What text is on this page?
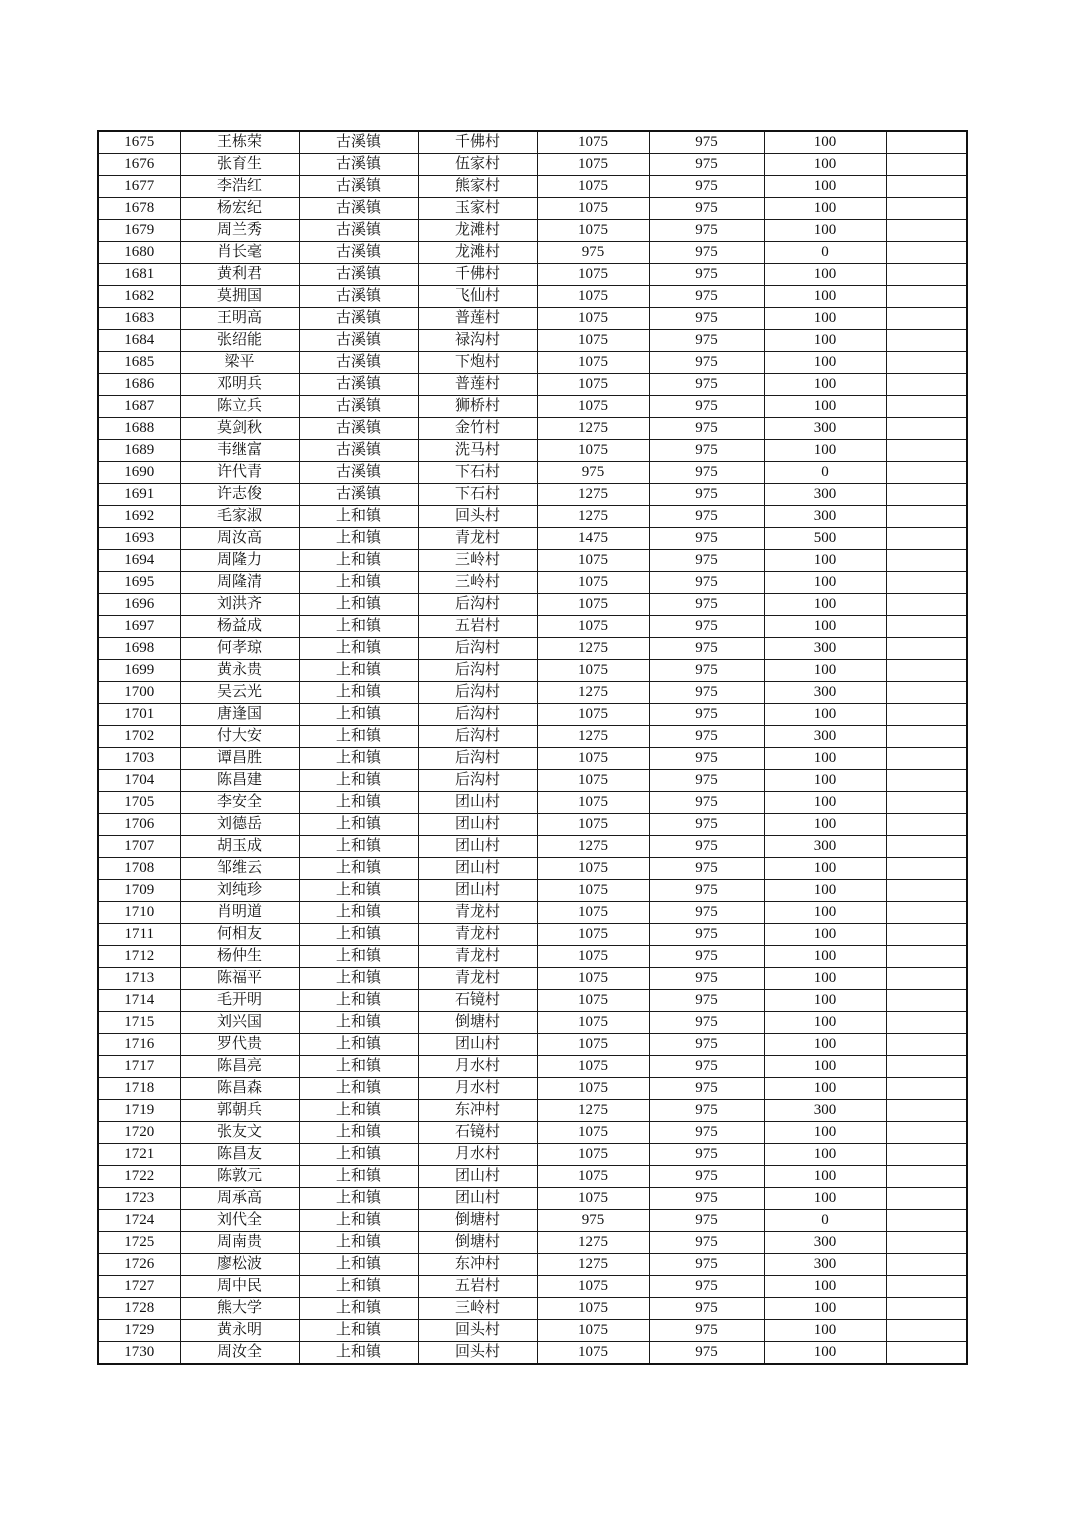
1675	王栋荣	古溪镇	千佛村	1075	975	100	
1676	张育生	古溪镇	伍家村	1075	975	100	
1677	李浩红	古溪镇	熊家村	1075	975	100	
1678	杨宏纪	古溪镇	玉家村	1075	975	100	
1679	周兰秀	古溪镇	龙滩村	1075	975	100	
1680	肖长毫	古溪镇	龙滩村	975	975	0	
1681	黄利君	古溪镇	千佛村	1075	975	100	
1682	莫拥国	古溪镇	飞仙村	1075	975	100	
1683	王明高	古溪镇	普莲村	1075	975	100	
1684	张绍能	古溪镇	禄沟村	1075	975	100	
1685	梁平	古溪镇	下炮村	1075	975	100	
1686	邓明兵	古溪镇	普莲村	1075	975	100	
1687	陈立兵	古溪镇	狮桥村	1075	975	100	
1688	莫剑秋	古溪镇	金竹村	1275	975	300	
1689	韦继富	古溪镇	洗马村	1075	975	100	
1690	许代青	古溪镇	下石村	975	975	0	
1691	许志俊	古溪镇	下石村	1275	975	300	
1692	毛家淑	上和镇	回头村	1275	975	300	
1693	周汝高	上和镇	青龙村	1475	975	500	
1694	周隆力	上和镇	三岭村	1075	975	100	
1695	周隆清	上和镇	三岭村	1075	975	100	
1696	刘洪齐	上和镇	后沟村	1075	975	100	
1697	杨益成	上和镇	五岩村	1075	975	100	
1698	何孝琼	上和镇	后沟村	1275	975	300	
1699	黄永贵	上和镇	后沟村	1075	975	100	
1700	吴云光	上和镇	后沟村	1275	975	300	
1701	唐逢国	上和镇	后沟村	1075	975	100	
1702	付大安	上和镇	后沟村	1275	975	300	
1703	谭昌胜	上和镇	后沟村	1075	975	100	
1704	陈昌建	上和镇	后沟村	1075	975	100	
1705	李安全	上和镇	团山村	1075	975	100	
1706	刘德岳	上和镇	团山村	1075	975	100	
1707	胡玉成	上和镇	团山村	1275	975	300	
1708	邹维云	上和镇	团山村	1075	975	100	
1709	刘纯珍	上和镇	团山村	1075	975	100	
1710	肖明道	上和镇	青龙村	1075	975	100	
1711	何相友	上和镇	青龙村	1075	975	100	
1712	杨仲生	上和镇	青龙村	1075	975	100	
1713	陈福平	上和镇	青龙村	1075	975	100	
1714	毛开明	上和镇	石镜村	1075	975	100	
1715	刘兴国	上和镇	倒塘村	1075	975	100	
1716	罗代贵	上和镇	团山村	1075	975	100	
1717	陈昌亮	上和镇	月水村	1075	975	100	
1718	陈昌森	上和镇	月水村	1075	975	100	
1719	郭朝兵	上和镇	东冲村	1275	975	300	
1720	张友文	上和镇	石镜村	1075	975	100	
1721	陈昌友	上和镇	月水村	1075	975	100	
1722	陈敦元	上和镇	团山村	1075	975	100	
1723	周承高	上和镇	团山村	1075	975	100	
1724	刘代全	上和镇	倒塘村	975	975	0	
1725	周南贵	上和镇	倒塘村	1275	975	300	
1726	廖松波	上和镇	东冲村	1275	975	300	
1727	周中民	上和镇	五岩村	1075	975	100	
1728	熊大学	上和镇	三岭村	1075	975	100	
1729	黄永明	上和镇	回头村	1075	975	100	
1730	周汝全	上和镇	回头村	1075	975	100	
